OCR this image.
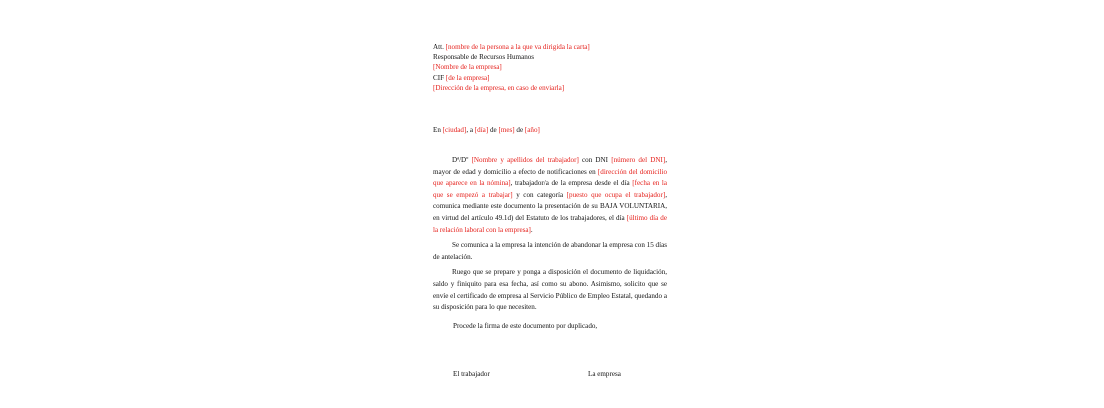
Att. [nombre de la persona a la que va dirigida la carta]
Responsable de Recursos Humanos
[Nombre de la empresa]
CIF [de la empresa]
[Dirección de la empresa, en caso de enviarla]
En [ciudad], a [día] de [mes] de [año]

Dª/Dº [Nombre y apellidos del trabajador] con DNI [número del DNI], mayor de edad y domicilio a efecto de notificaciones en [dirección del domicilio que aparece en la nómina], trabajador/a de la empresa desde el día [fecha en la que se empezó a trabajar] y con categoría [puesto que ocupa el trabajador], comunica mediante este documento la presentación de su BAJA VOLUNTARIA, en virtud del artículo 49.1d) del Estatuto de los trabajadores, el día [último día de la relación laboral con la empresa].

Se comunica a la empresa la intención de abandonar la empresa con 15 días de antelación.

Ruego que se prepare y ponga a disposición el documento de liquidación, saldo y finiquito para esa fecha, así como su abono. Asimismo, solicito que se envíe el certificado de empresa al Servicio Público de Empleo Estatal, quedando a su disposición para lo que necesiten.

Procede la firma de este documento por duplicado,
El trabajador	La empresa
